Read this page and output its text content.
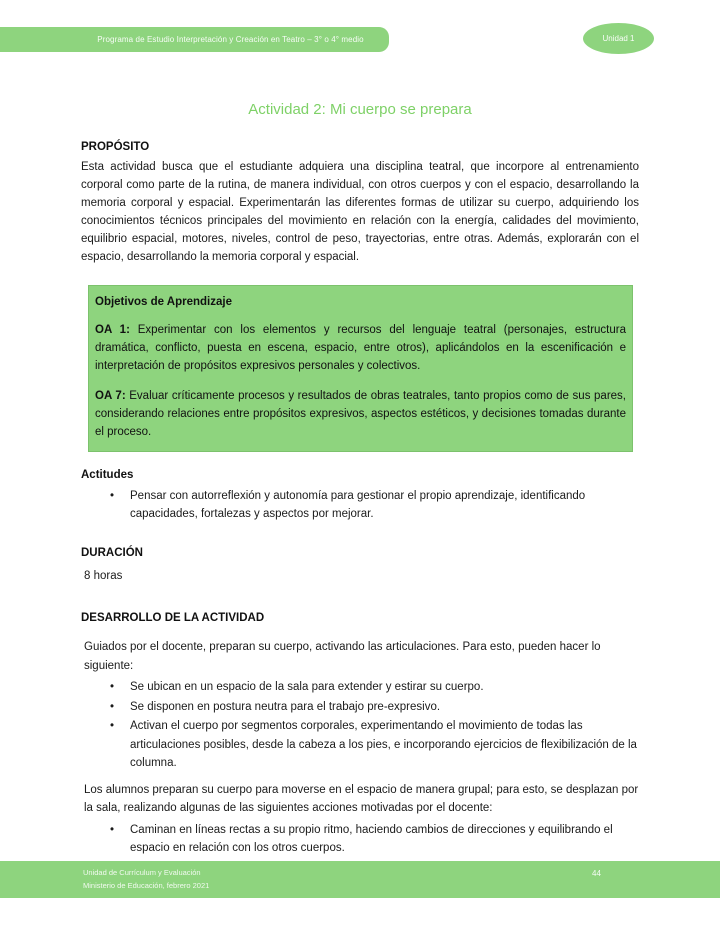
Programa de Estudio Interpretación y Creación en Teatro – 3° o 4° medio	Unidad 1
Actividad 2: Mi cuerpo se prepara
PROPÓSITO

Esta actividad busca que el estudiante adquiera una disciplina teatral, que incorpore al entrenamiento corporal como parte de la rutina, de manera individual, con otros cuerpos y con el espacio, desarrollando la memoria corporal y espacial. Experimentarán las diferentes formas de utilizar su cuerpo, adquiriendo los conocimientos técnicos principales del movimiento en relación con la energía, calidades del movimiento, equilibrio espacial, motores, niveles, control de peso, trayectorias, entre otras. Además, explorarán con el espacio, desarrollando la memoria corporal y espacial.

Objetivos de Aprendizaje

OA 1: Experimentar con los elementos y recursos del lenguaje teatral (personajes, estructura dramática, conflicto, puesta en escena, espacio, entre otros), aplicándolos en la escenificación e interpretación de propósitos expresivos personales y colectivos.

OA 7: Evaluar críticamente procesos y resultados de obras teatrales, tanto propios como de sus pares, considerando relaciones entre propósitos expresivos, aspectos estéticos, y decisiones tomadas durante el proceso.

Actitudes
• Pensar con autorreflexión y autonomía para gestionar el propio aprendizaje, identificando capacidades, fortalezas y aspectos por mejorar.
DURACIÓN

8 horas

DESARROLLO DE LA ACTIVIDAD

Guiados por el docente, preparan su cuerpo, activando las articulaciones. Para esto, pueden hacer lo siguiente:

• Se ubican en un espacio de la sala para extender y estirar su cuerpo.
• Se disponen en postura neutra para el trabajo pre-expresivo.
• Activan el cuerpo por segmentos corporales, experimentando el movimiento de todas las articulaciones posibles, desde la cabeza a los pies, e incorporando ejercicios de flexibilización de la columna.

Los alumnos preparan su cuerpo para moverse en el espacio de manera grupal; para esto, se desplazan por la sala, realizando algunas de las siguientes acciones motivadas por el docente:

• Caminan en líneas rectas a su propio ritmo, haciendo cambios de direcciones y equilibrando el espacio en relación con los otros cuerpos.
Unidad de Currículum y Evaluación
Ministerio de Educación, febrero 2021
44
